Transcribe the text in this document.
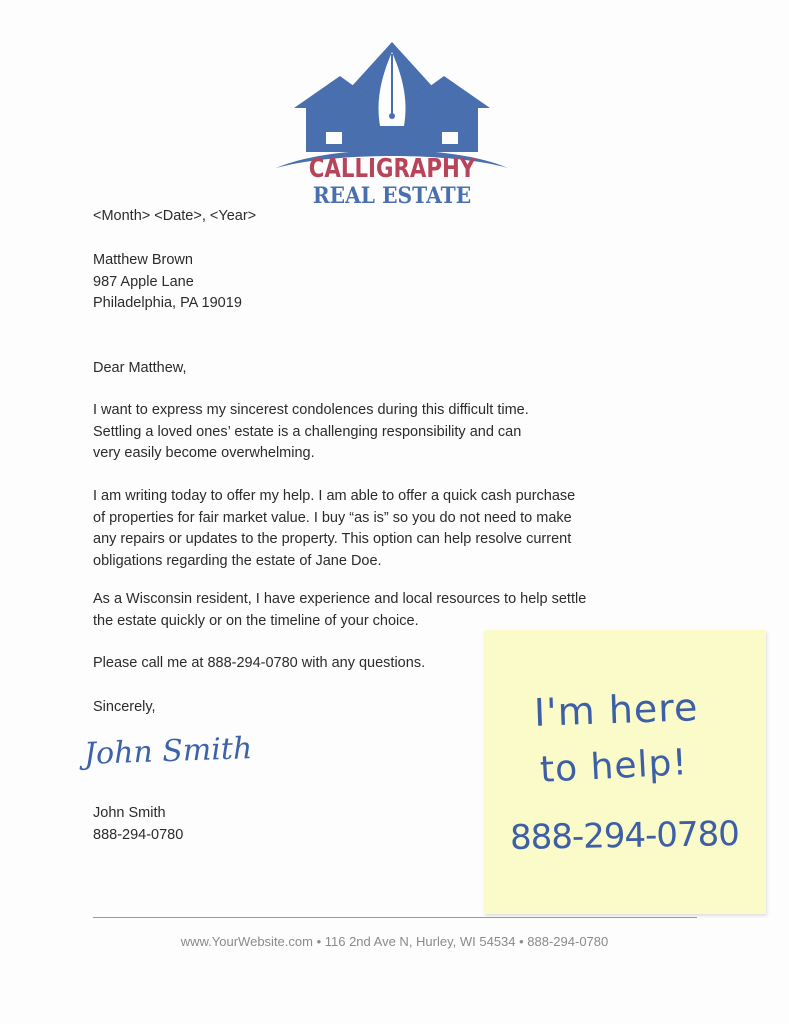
CALLIGRAPHY
REAL ESTATE
<Month> <Date>, <Year>
Matthew Brown
987 Apple Lane
Philadelphia, PA 19019
Dear Matthew,
I want to express my sincerest condolences during this difficult time.
Settling a loved ones’ estate is a challenging responsibility and can
very easily become overwhelming.
I am writing today to offer my help. I am able to offer a quick cash purchase
of properties for fair market value. I buy “as is” so you do not need to make
any repairs or updates to the property. This option can help resolve current
obligations regarding the estate of Jane Doe.
As a Wisconsin resident, I have experience and local resources to help settle
the estate quickly or on the timeline of your choice.
Please call me at 888-294-0780 with any questions.
Sincerely,
John Smith
John Smith
888-294-0780
I'm here
to help!
888-294-0780
www.YourWebsite.com • 116 2nd Ave N, Hurley, WI 54534 • 888-294-0780
